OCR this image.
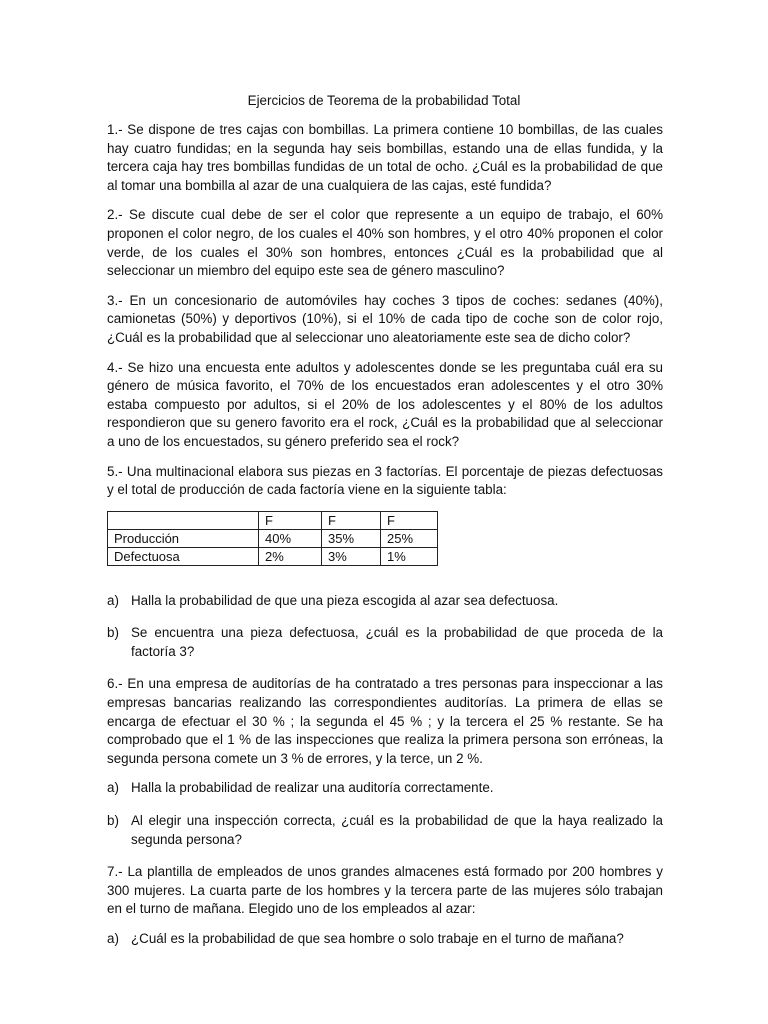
Ejercicios de Teorema de la probabilidad Total

1.- Se dispone de tres cajas con bombillas. La primera contiene 10 bombillas, de las cuales hay cuatro fundidas; en la segunda hay seis bombillas, estando una de ellas fundida, y la tercera caja hay tres bombillas fundidas de un total de ocho. ¿Cuál es la probabilidad de que al tomar una bombilla al azar de una cualquiera de las cajas, esté fundida?

2.- Se discute cual debe de ser el color que represente a un equipo de trabajo, el 60% proponen el color negro, de los cuales el 40% son hombres, y el otro 40% proponen el color verde, de los cuales el 30% son hombres, entonces ¿Cuál es la probabilidad que al seleccionar un miembro del equipo este sea de género masculino?

3.- En un concesionario de automóviles hay coches 3 tipos de coches: sedanes (40%), camionetas (50%) y deportivos (10%), si el 10% de cada tipo de coche son de color rojo, ¿Cuál es la probabilidad que al seleccionar uno aleatoriamente este sea de dicho color?

4.- Se hizo una encuesta ente adultos y adolescentes donde se les preguntaba cuál era su género de música favorito, el 70% de los encuestados eran adolescentes y el otro 30% estaba compuesto por adultos, si el 20% de los adolescentes y el 80% de los adultos respondieron que su genero favorito era el rock, ¿Cuál es la probabilidad que al seleccionar a uno de los encuestados, su género preferido sea el rock?

5.- Una multinacional elabora sus piezas en 3 factorías. El porcentaje de piezas defectuosas y el total de producción de cada factoría viene en la siguiente tabla:

	F	F	F
Producción	40%	35%	25%
Defectuosa	2%	3%	1%
a) Halla la probabilidad de que una pieza escogida al azar sea defectuosa.
b) Se encuentra una pieza defectuosa, ¿cuál es la probabilidad de que proceda de la factoría 3?

6.- En una empresa de auditorías de ha contratado a tres personas para inspeccionar a las empresas bancarias realizando las correspondientes auditorías. La primera de ellas se encarga de efectuar el 30 % ; la segunda el 45 % ; y la tercera el 25 % restante. Se ha comprobado que el 1 % de las inspecciones que realiza la primera persona son erróneas, la segunda persona comete un 3 % de errores, y la terce, un 2 %.

a) Halla la probabilidad de realizar una auditoría correctamente.
b) Al elegir una inspección correcta, ¿cuál es la probabilidad de que la haya realizado la segunda persona?

7.- La plantilla de empleados de unos grandes almacenes está formado por 200 hombres y 300 mujeres. La cuarta parte de los hombres y la tercera parte de las mujeres sólo trabajan en el turno de mañana. Elegido uno de los empleados al azar:

a) ¿Cuál es la probabilidad de que sea hombre o solo trabaje en el turno de mañana?
